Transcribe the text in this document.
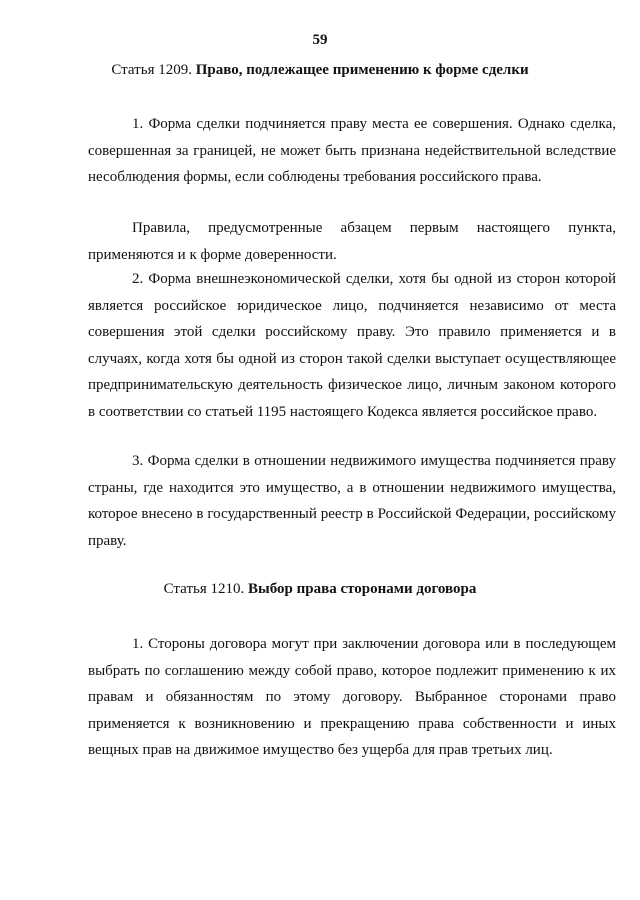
59
Статья 1209. Право, подлежащее применению к форме сделки

1. Форма сделки подчиняется праву места ее совершения. Однако сделка, совершенная за границей, не может быть признана недействительной вследствие несоблюдения формы, если соблюдены требования российского права.

Правила, предусмотренные абзацем первым настоящего пункта, применяются и к форме доверенности.

2. Форма внешнеэкономической сделки, хотя бы одной из сторон которой является российское юридическое лицо, подчиняется независимо от места совершения этой сделки российскому праву. Это правило применяется и в случаях, когда хотя бы одной из сторон такой сделки выступает осуществляющее предпринимательскую деятельность физическое лицо, личным законом которого в соответствии со статьей 1195 настоящего Кодекса является российское право.

3. Форма сделки в отношении недвижимого имущества подчиняется праву страны, где находится это имущество, а в отношении недвижимого имущества, которое внесено в государственный реестр в Российской Федерации, российскому праву.

Статья 1210. Выбор права сторонами договора

1. Стороны договора могут при заключении договора или в последующем выбрать по соглашению между собой право, которое подлежит применению к их правам и обязанностям по этому договору. Выбранное сторонами право применяется к возникновению и прекращению права собственности и иных вещных прав на движимое имущество без ущерба для прав третьих лиц.
